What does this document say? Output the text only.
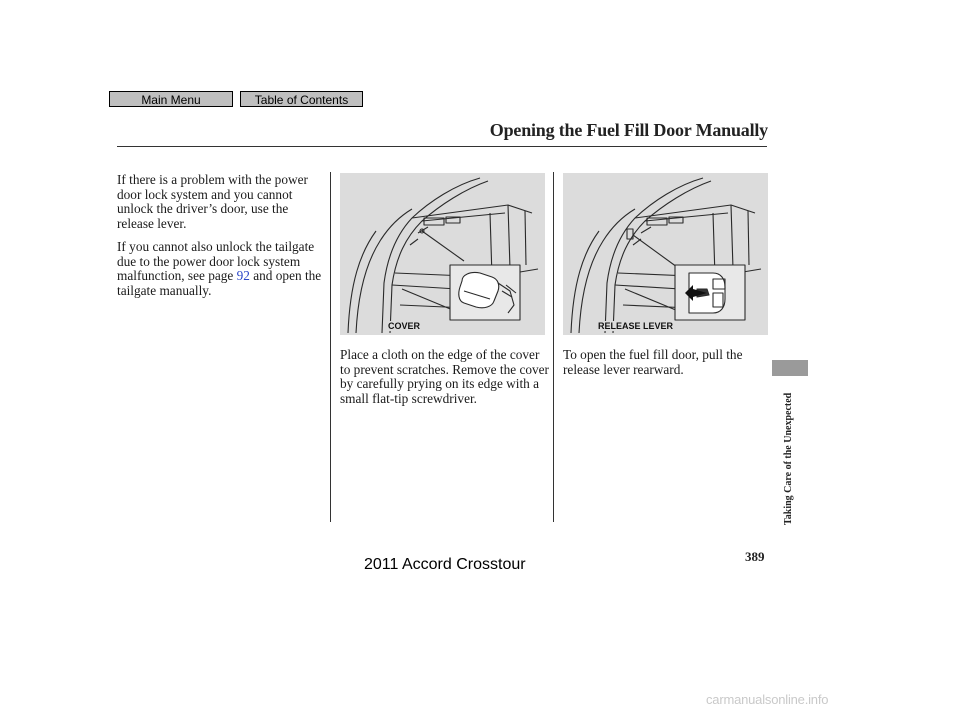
Main Menu	Table of Contents
Opening the Fuel Fill Door Manually

If there is a problem with the power door lock system and you cannot unlock the driver’s door, use the release lever.

If you cannot also unlock the tailgate due to the power door lock system malfunction, see page 92 and open the tailgate manually.

COVER	RELEASE LEVER

Place a cloth on the edge of the cover to prevent scratches. Remove the cover by carefully prying on its edge with a small flat-tip screwdriver.

To open the fuel fill door, pull the release lever rearward.

Taking Care of the Unexpected
389
2011 Accord Crosstour
carmanualsonline.info
